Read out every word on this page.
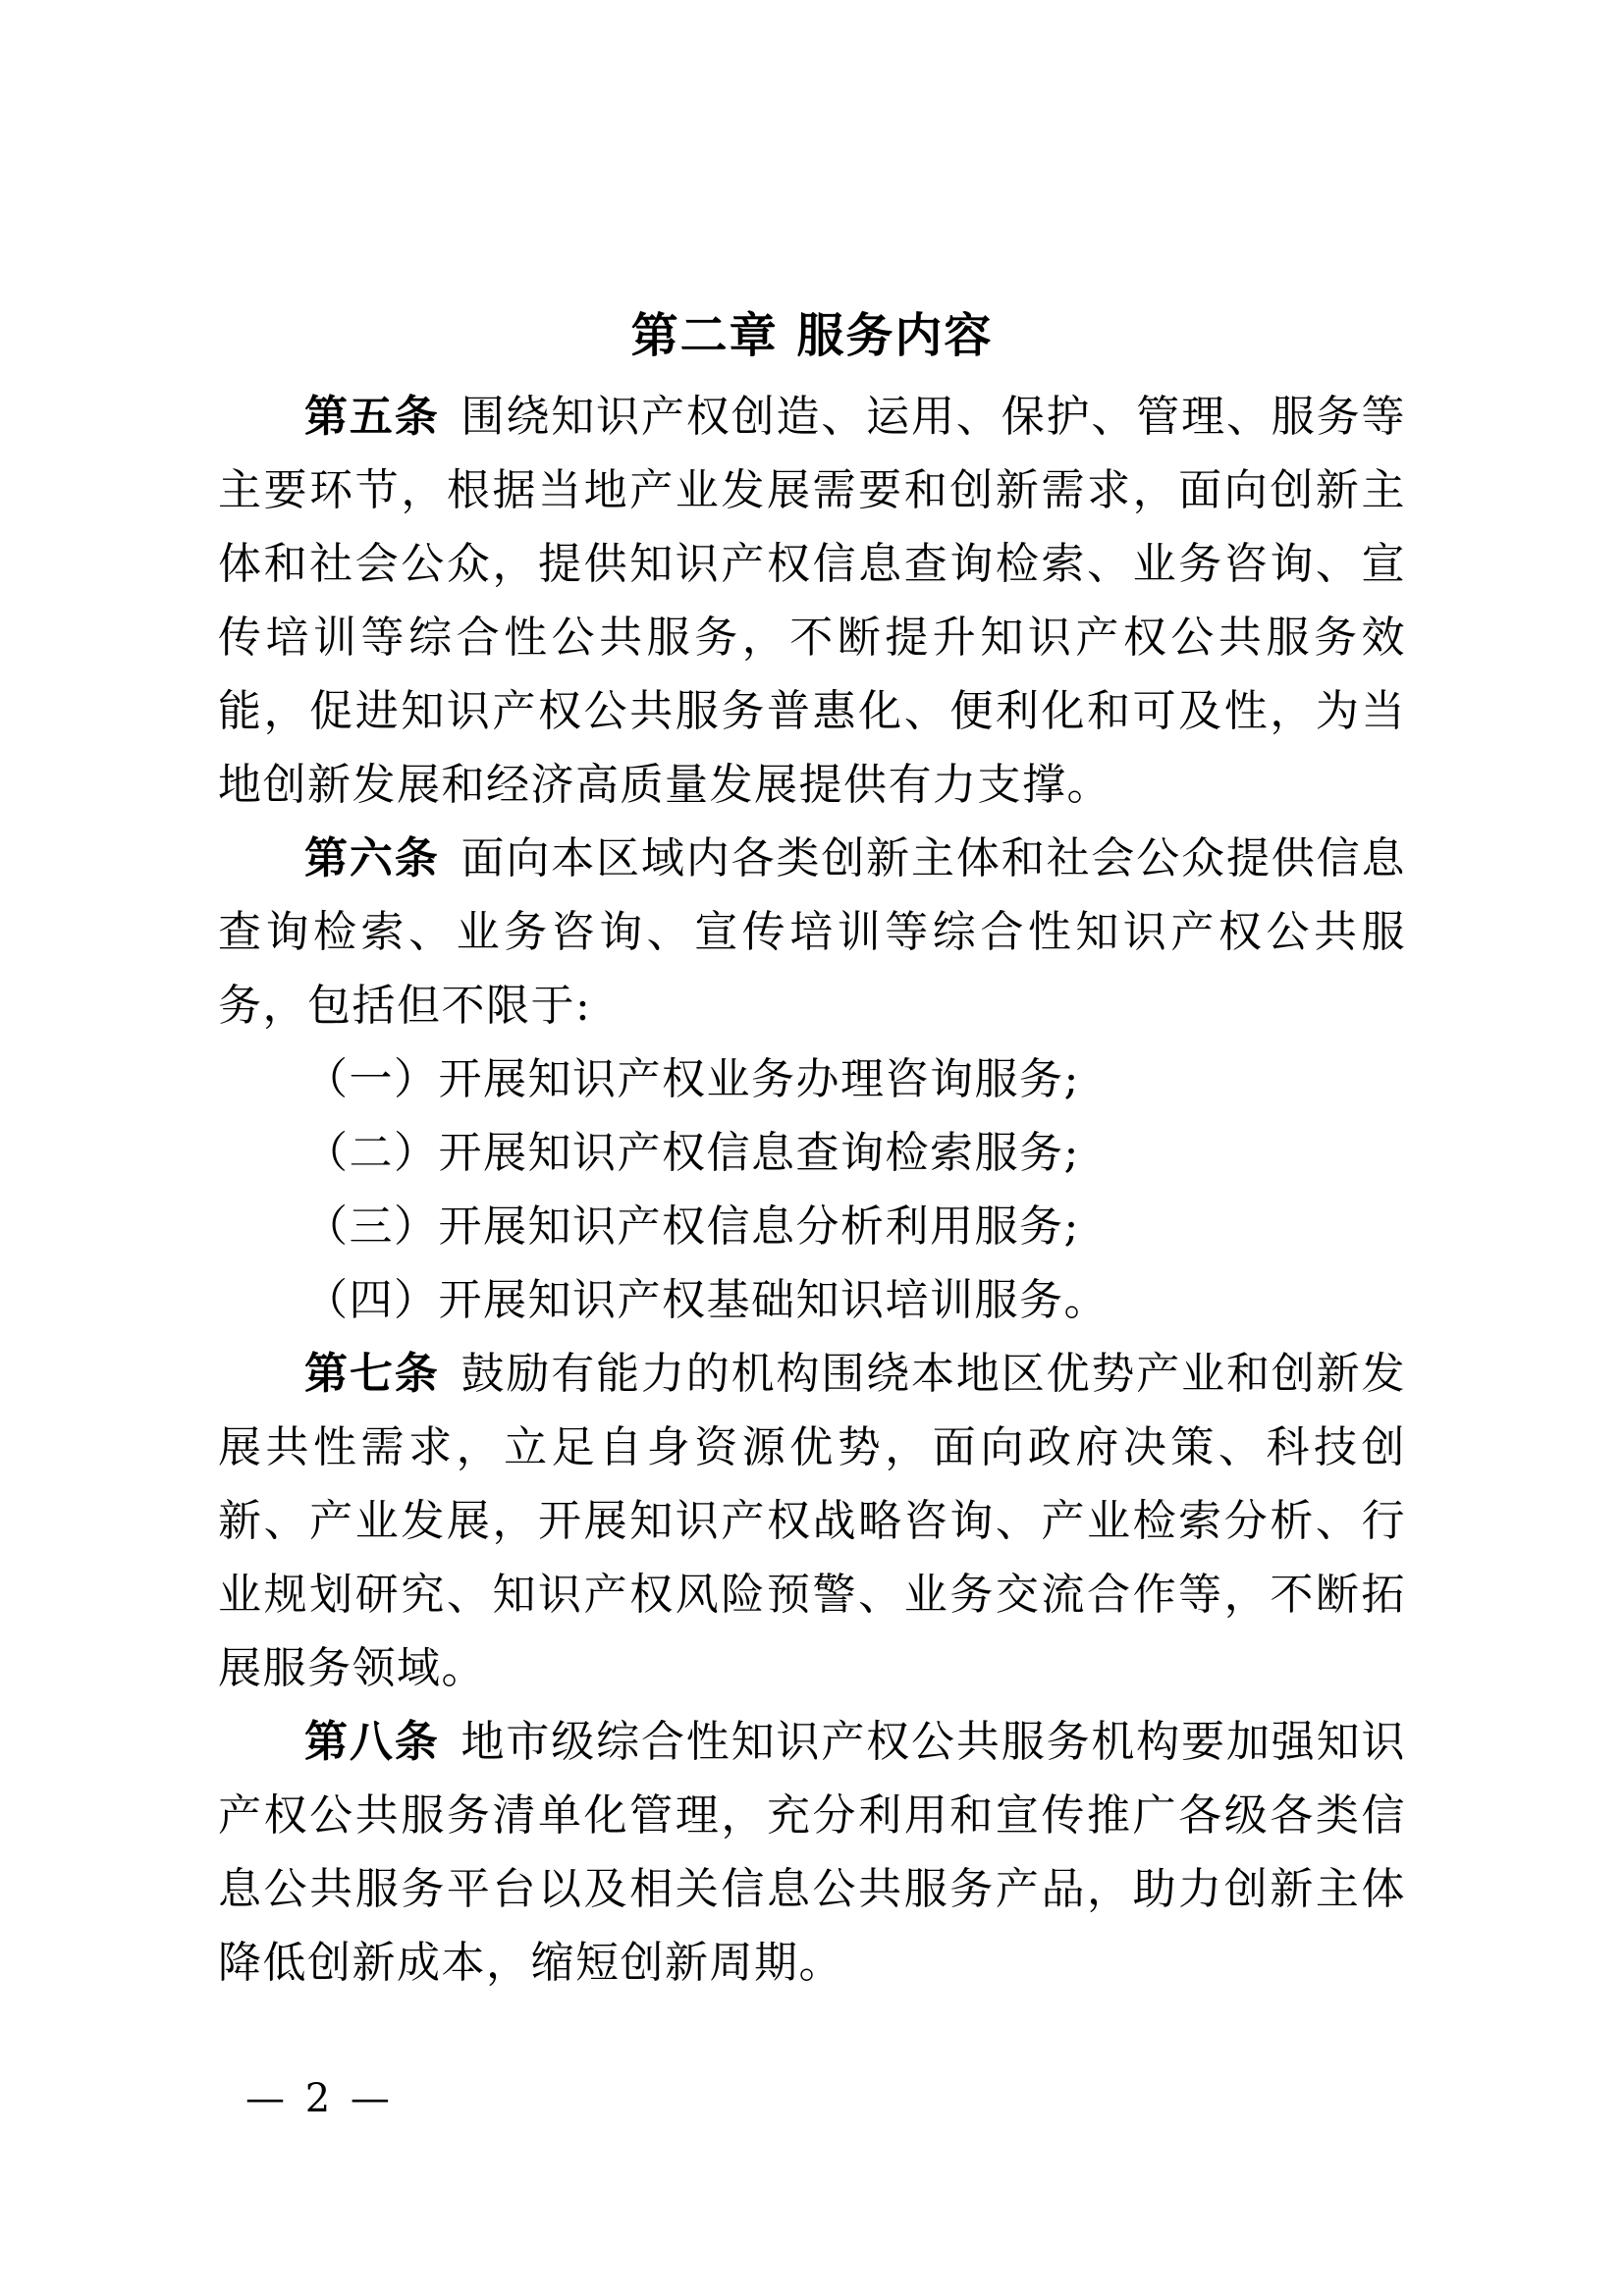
第二章 服务内容

第五条 围绕知识产权创造、运用、保护、管理、服务等主要环节，根据当地产业发展需要和创新需求，面向创新主体和社会公众，提供知识产权信息查询检索、业务咨询、宣传培训等综合性公共服务，不断提升知识产权公共服务效能，促进知识产权公共服务普惠化、便利化和可及性，为当地创新发展和经济高质量发展提供有力支撑。

第六条 面向本区域内各类创新主体和社会公众提供信息查询检索、业务咨询、宣传培训等综合性知识产权公共服务，包括但不限于:

（一）开展知识产权业务办理咨询服务;

（二）开展知识产权信息查询检索服务;

（三）开展知识产权信息分析利用服务;

（四）开展知识产权基础知识培训服务。

第七条 鼓励有能力的机构围绕本地区优势产业和创新发展共性需求，立足自身资源优势，面向政府决策、科技创新、产业发展，开展知识产权战略咨询、产业检索分析、行业规划研究、知识产权风险预警、业务交流合作等，不断拓展服务领域。

第八条 地市级综合性知识产权公共服务机构要加强知识产权公共服务清单化管理，充分利用和宣传推广各级各类信息公共服务平台以及相关信息公共服务产品，助力创新主体降低创新成本，缩短创新周期。

— 2 —
